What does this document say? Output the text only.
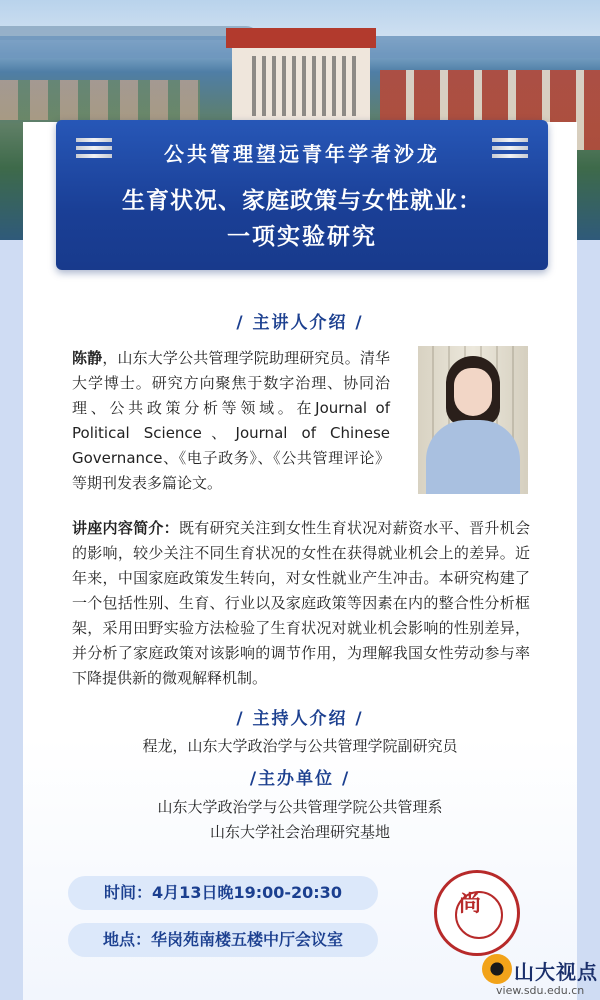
公共管理望远青年学者沙龙
生育状况、家庭政策与女性就业：
一项实验研究
/ 主讲人介绍 /
陈静，山东大学公共管理学院助理研究员。清华大学博士。研究方向聚焦于数字治理、协同治理、公共政策分析等领域。在Journal of Political Science、Journal of Chinese Governance、《电子政务》、《公共管理评论》等期刊发表多篇论文。
讲座内容简介：既有研究关注到女性生育状况对薪资水平、晋升机会的影响，较少关注不同生育状况的女性在获得就业机会上的差异。近年来，中国家庭政策发生转向，对女性就业产生冲击。本研究构建了一个包括性别、生育、行业以及家庭政策等因素在内的整合性分析框架，采用田野实验方法检验了生育状况对就业机会影响的性别差异，并分析了家庭政策对该影响的调节作用，为理解我国女性劳动参与率下降提供新的微观解释机制。
/ 主持人介绍 /
程龙，山东大学政治学与公共管理学院副研究员
/主办单位 /
山东大学政治学与公共管理学院公共管理系
山东大学社会治理研究基地
时间：4月13日晚19:00-20:30
地点：华岗苑南楼五楼中厅会议室
尚
山大视点
view.sdu.edu.cn
